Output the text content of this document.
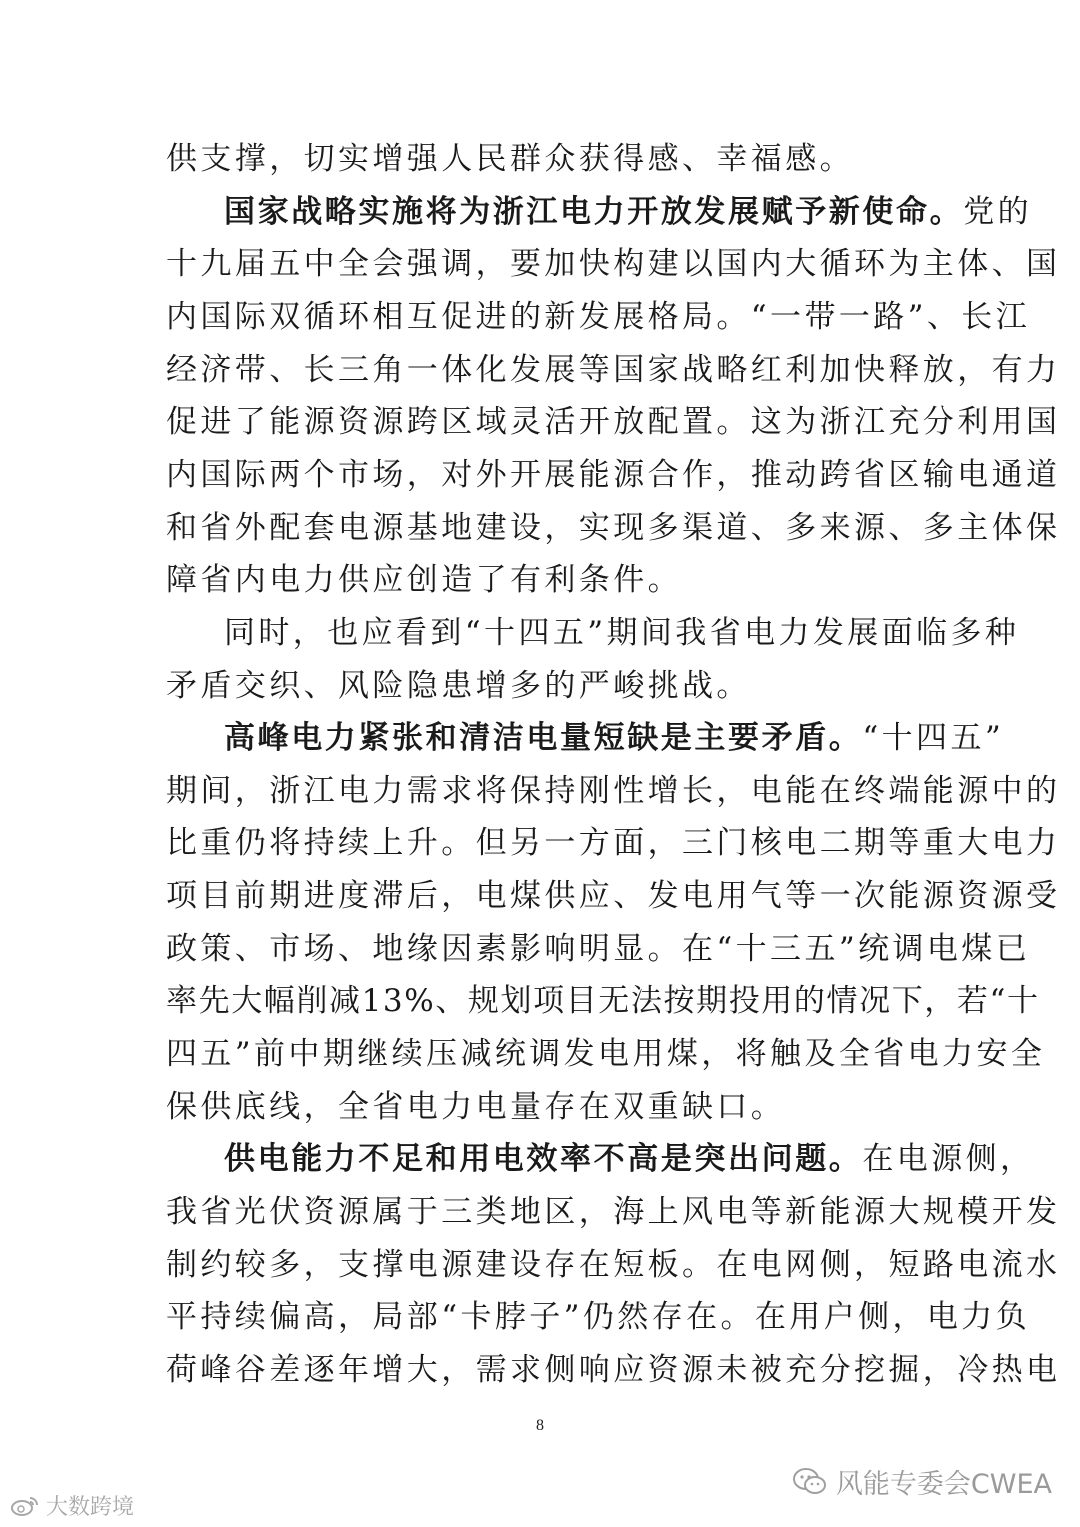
供支撑，切实增强人民群众获得感、幸福感。
国家战略实施将为浙江电力开放发展赋予新使命。党的
十九届五中全会强调，要加快构建以国内大循环为主体、国
内国际双循环相互促进的新发展格局。“一带一路”、长江
经济带、长三角一体化发展等国家战略红利加快释放，有力
促进了能源资源跨区域灵活开放配置。这为浙江充分利用国
内国际两个市场，对外开展能源合作，推动跨省区输电通道
和省外配套电源基地建设，实现多渠道、多来源、多主体保
障省内电力供应创造了有利条件。
同时，也应看到“十四五”期间我省电力发展面临多种
矛盾交织、风险隐患增多的严峻挑战。
高峰电力紧张和清洁电量短缺是主要矛盾。“十四五”
期间，浙江电力需求将保持刚性增长，电能在终端能源中的
比重仍将持续上升。但另一方面，三门核电二期等重大电力
项目前期进度滞后，电煤供应、发电用气等一次能源资源受
政策、市场、地缘因素影响明显。在“十三五”统调电煤已
率先大幅削减13%、规划项目无法按期投用的情况下，若“十
四五”前中期继续压减统调发电用煤，将触及全省电力安全
保供底线，全省电力电量存在双重缺口。
供电能力不足和用电效率不高是突出问题。在电源侧，
我省光伏资源属于三类地区，海上风电等新能源大规模开发
制约较多，支撑电源建设存在短板。在电网侧，短路电流水
8
风能专委会CWEA
大数跨境
平持续偏高，局部“卡脖子”仍然存在。在用户侧，电力负
荷峰谷差逐年增大，需求侧响应资源未被充分挖掘，冷热电
